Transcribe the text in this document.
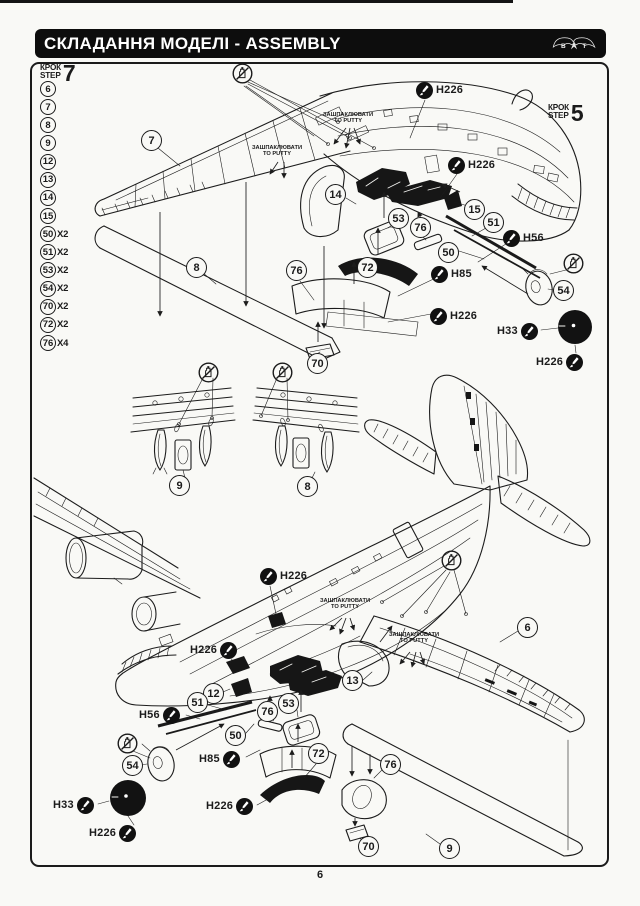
СКЛАДАННЯ МОДЕЛІ - ASSEMBLY	B T
КРОК
STEP 7
КРОК
STEP 5
6
7
8
9
12
13
14
15
50 X2
51 X2
53 X2
54 X2
70 X2
72 X2
76 X4
7
14
15
51
53
76
50
8	76	72
54
70
H226
H226
H56
H85
H226
H33
H226
ЗАШПАКЛЮВАТИ
TO PUTTY
ЗАШПАКЛЮВАТИ
TO PUTTY
9	8
6
13
12
51
50
76
53
72
76
70	9
54
H226
H226
H56
H85
H226
H33
H226
ЗАШПАКЛЮВАТИ
TO PUTTY
ЗАШПАКЛЮВАТИ
TO PUTTY
6
